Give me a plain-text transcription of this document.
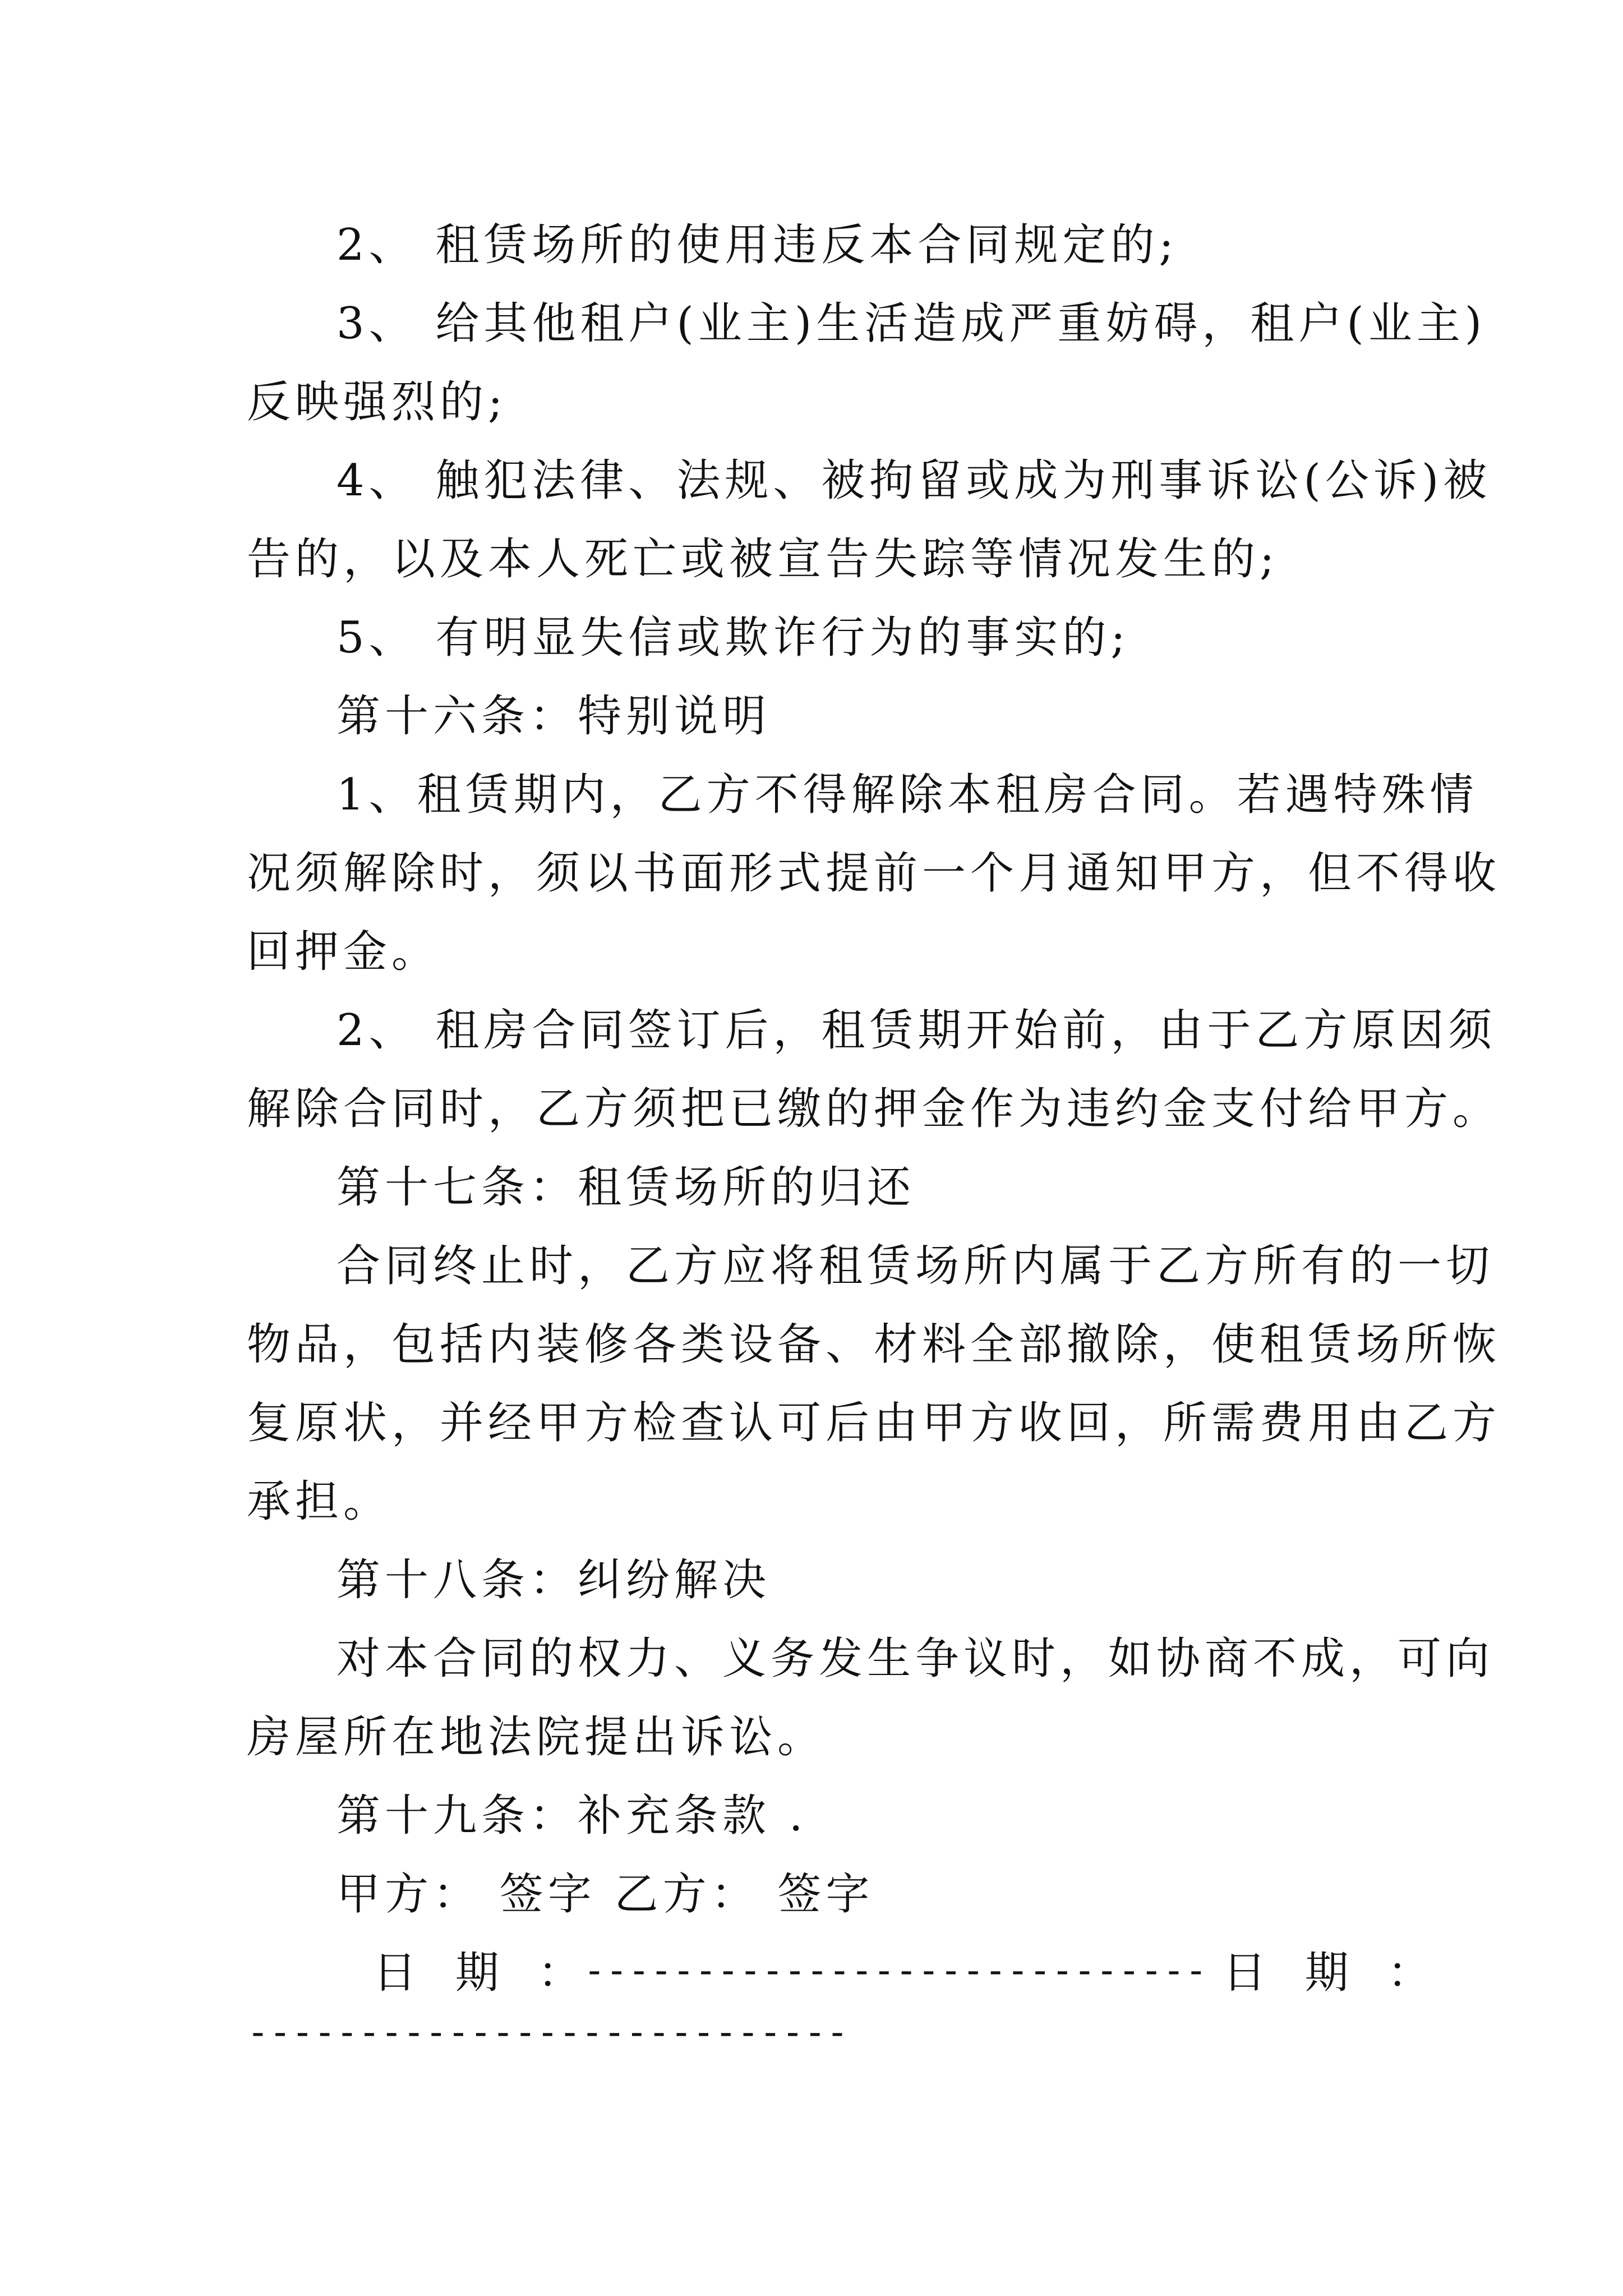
2、 租赁场所的使用违反本合同规定的;
3、 给其他租户(业主)生活造成严重妨碍，租户(业主)
反映强烈的;
4、 触犯法律、法规、被拘留或成为刑事诉讼(公诉)被
告的，以及本人死亡或被宣告失踪等情况发生的;
5、 有明显失信或欺诈行为的事实的;
第十六条：特别说明
1、租赁期内，乙方不得解除本租房合同。若遇特殊情
况须解除时，须以书面形式提前一个月通知甲方，但不得收
回押金。
2、 租房合同签订后，租赁期开始前，由于乙方原因须
解除合同时，乙方须把已缴的押金作为违约金支付给甲方。
第十七条：租赁场所的归还
合同终止时，乙方应将租赁场所内属于乙方所有的一切
物品，包括内装修各类设备、材料全部撤除，使租赁场所恢
复原状，并经甲方检查认可后由甲方收回，所需费用由乙方
承担。
第十八条：纠纷解决
对本合同的权力、义务发生争议时，如协商不成，可向
房屋所在地法院提出诉讼。
第十九条：补充条款 .
甲方： 签字 乙方： 签字
日 期 ：
---------------------------- 日 期 ：
---------------------------
